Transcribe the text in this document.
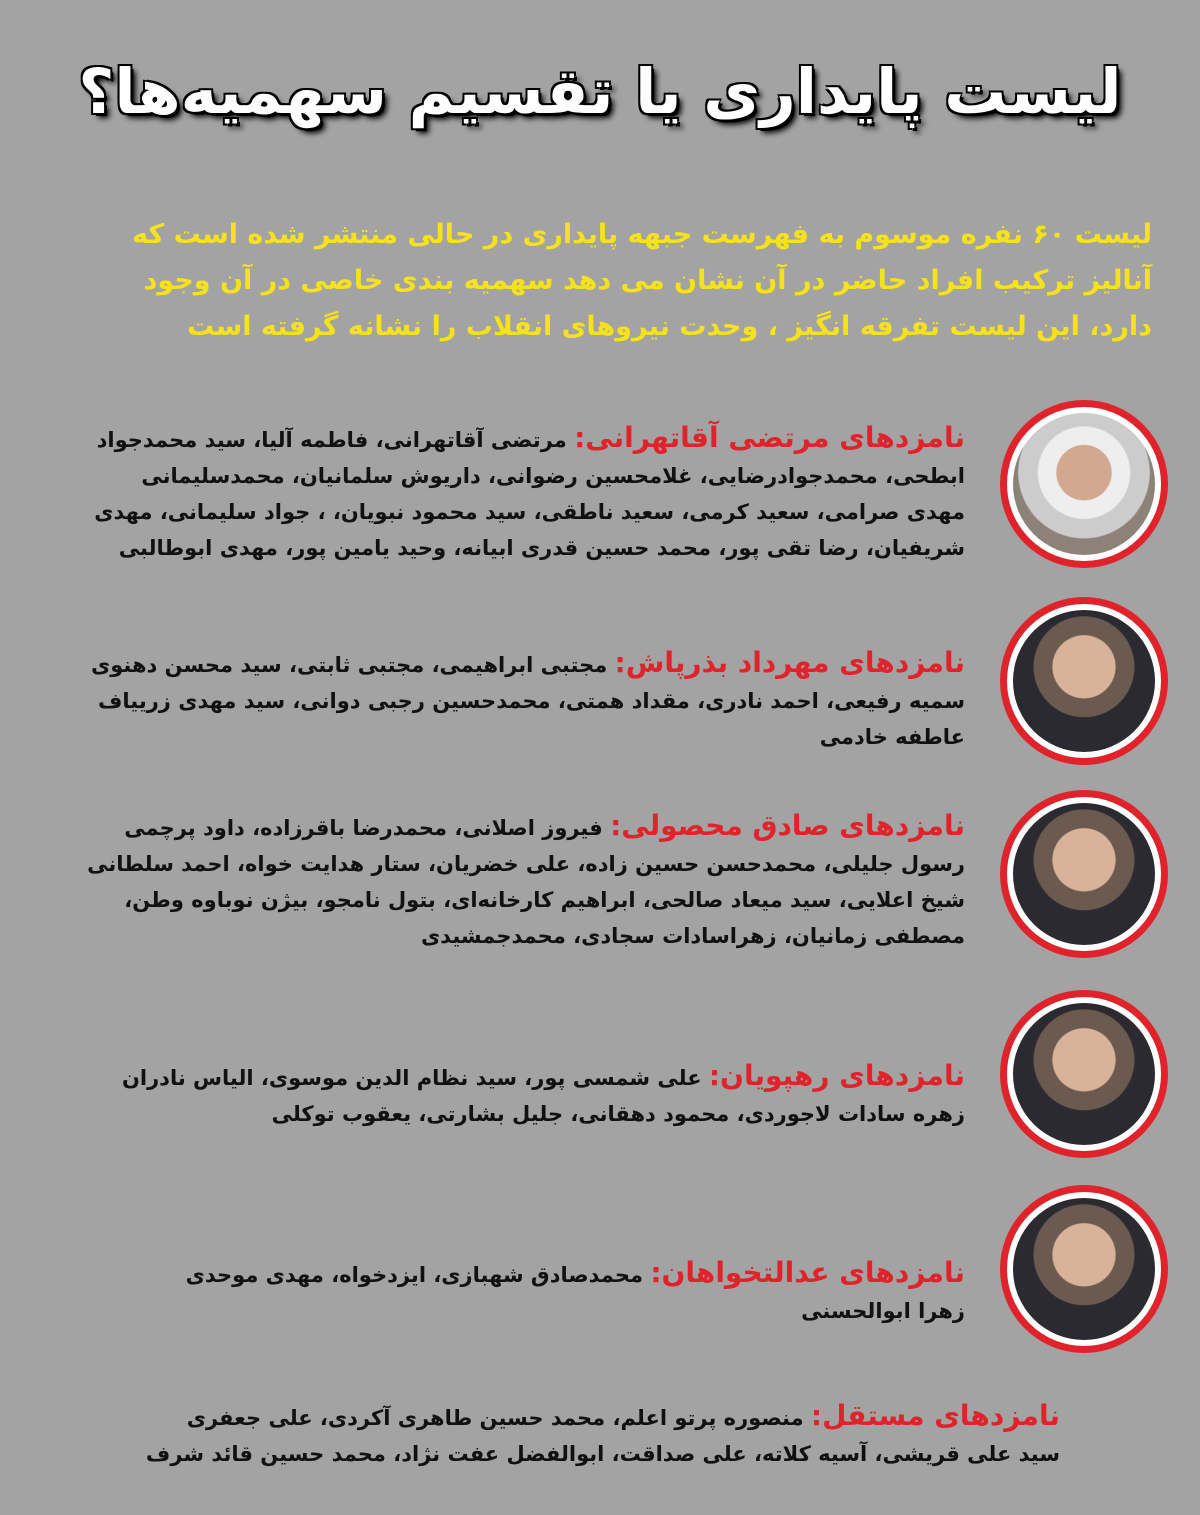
لیست پایداری یا تقسیم سهمیه‌ها؟
لیست ۶۰ نفره موسوم به فهرست جبهه پایداری در حالی منتشر شده است که
آنالیز ترکیب افراد حاضر در آن نشان می دهد سهمیه بندی خاصی در آن وجود
دارد، این لیست تفرقه انگیز ، وحدت نیروهای انقلاب را نشانه گرفته است
نامزدهای مرتضی آقاتهرانی: مرتضی آقاتهرانی، فاطمه آلیا، سید محمدجواد
ابطحی، محمدجوادرضایی، غلامحسین رضوانی، داریوش سلمانیان، محمدسلیمانی
مهدی صرامی، سعید کرمی، سعید ناطقی، سید محمود نبویان، ، جواد سلیمانی، مهدی
شریفیان، رضا تقی پور، محمد حسین قدری ابیانه، وحید یامین پور، مهدی ابوطالبی
نامزدهای مهرداد بذرپاش: مجتبی ابراهیمی، مجتبی ثابتی، سید محسن دهنوی
سمیه رفیعی، احمد نادری، مقداد همتی، محمدحسین رجبی دوانی، سید مهدی زرییاف
عاطفه خادمی
نامزدهای صادق محصولی: فیروز اصلانی، محمدرضا باقرزاده، داود پرچمی
رسول جلیلی، محمدحسن حسین زاده، علی خضریان، ستار هدایت خواه، احمد سلطانی
شیخ اعلایی، سید میعاد صالحی، ابراهیم کارخانه‌ای، بتول نامجو، بیژن نوباوه وطن،
مصطفی زمانیان، زهراسادات سجادی، محمدجمشیدی
نامزدهای رهپویان: علی شمسی پور، سید نظام الدین موسوی، الیاس نادران
زهره سادات لاجوردی، محمود دهقانی، جلیل بشارتی، یعقوب توکلی
نامزدهای عدالتخواهان: محمدصادق شهبازی، ایزدخواه، مهدی موحدی
زهرا ابوالحسنی
نامزدهای مستقل: منصوره پرتو اعلم، محمد حسین طاهری آکردی، علی جعفری
سید علی قریشی، آسیه کلاته، علی صداقت، ابوالفضل عفت نژاد، محمد حسین قائد شرف
